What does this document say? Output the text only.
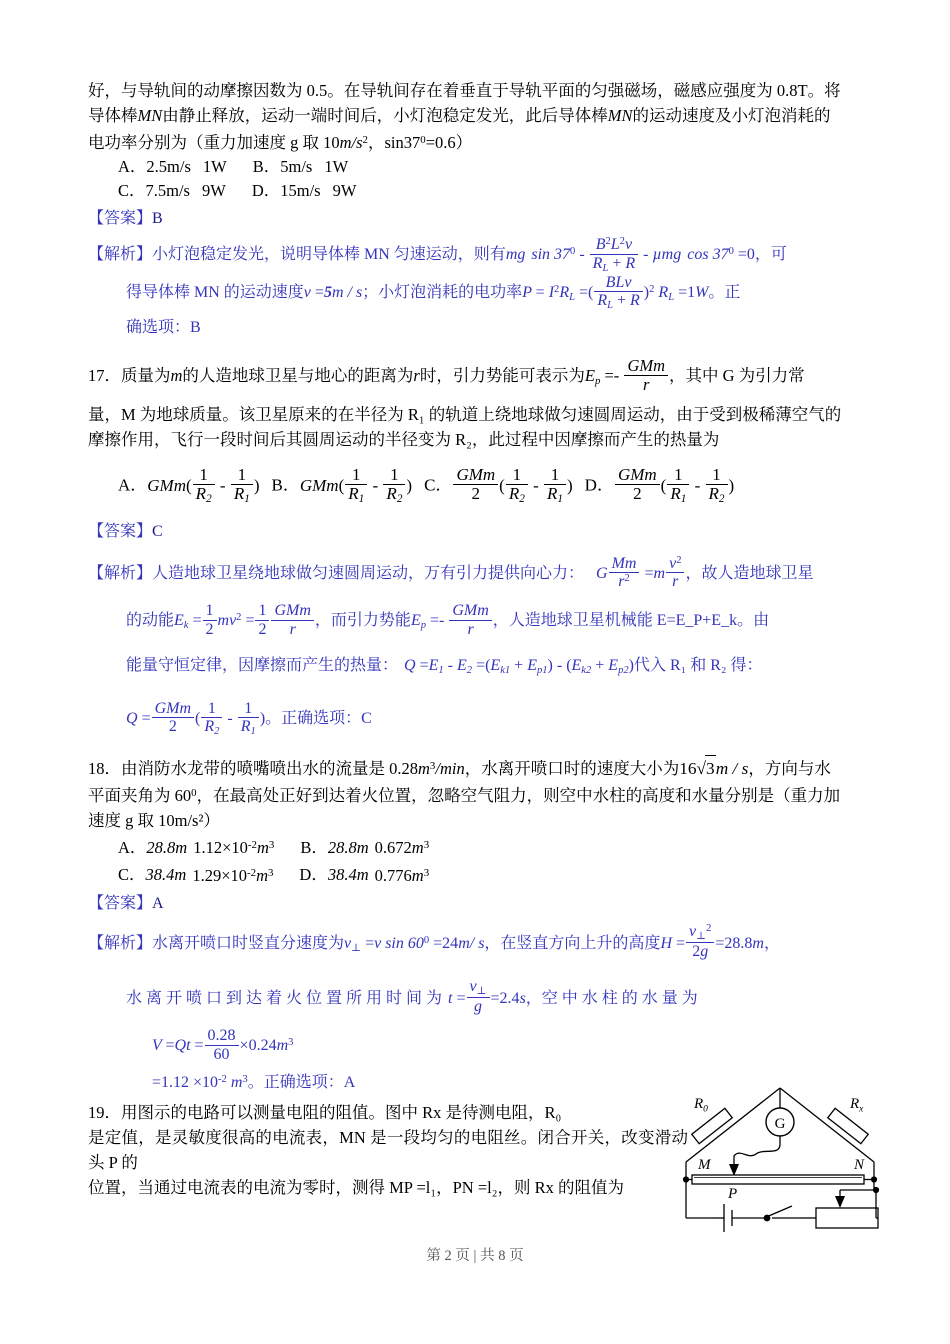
好，与导轨间的动摩擦因数为 0.5。在导轨间存在着垂直于导轨平面的匀强磁场，磁感应强度为 0.8T。将

导体棒MN由静止释放，运动一端时间后，小灯泡稳定发光，此后导体棒MN的运动速度及小灯泡消耗的

电功率分别为（重力加速度 g 取 $10m/s^2$，$\sin 37^0=0.6$）

A．2.5m/s 1W B．5m/s 1W

C．7.5m/s 9W D．15m/s 9W

【答案】B

【解析】小灯泡稳定发光，说明导体棒 MN 匀速运动，则有mg $\sin 37^0 - \frac{B^2L^2v}{R_L + R}$ - µmg $\cos 37^0 =0$，可

得导体棒 MN 的运动速度v =5m / s；小灯泡消耗的电功率$P = I^2R_L$ =(
BLv
$R_L + R$ )$^2$ $R_L =1W$。正

确选项：B

17．质量为m的人造地球卫星与地心的距离为r时，引力势能可表示为$E_p$ =-
GMm
r	，其中 G 为引力常

量，M 为地球质量。该卫星原来的在半径为 R₁ 的轨道上绕地球做匀速圆周运动，由于受到极稀薄空气的

摩擦作用，飞行一段时间后其圆周运动的半径变为 R₂，此过程中因摩擦而产生的热量为

A．$GMm( \frac{1}{R_2} - \frac{1}{R_1}$ ) B．$GMm( \frac{1}{R_1} - \frac{1}{R_2}$ ) C．
GMm
2	( $\frac{1}{R_2} - \frac{1}{R_1}$ ) D．
GMm
2	( $\frac{1}{R_1} - \frac{1}{R_2}$ )

【答案】C

【解析】人造地球卫星绕地球做匀速圆周运动，万有引力提供向心力： G $\frac{Mm}{r^2} =m \frac{v^2}{r}$ ，故人造地球卫星

的动能$E_k = \frac{1}{2} mv^2 = \frac{1}{2}$ GMm
r	，而引力势能$E_p$ =-
GMm
r	，人造地球卫星机械能 E=E_P+E_k。由

能量守恒定律，因摩擦而产生的热量： $Q =E_1 - E_2 =(E_{k1} + E_{p1}) - (E_{k2} + E_{p2})$代入 R₁ 和 R₂ 得：

Q =
GMm
2	( $\frac{1}{R_2} - \frac{1}{R_1}$ )。正确选项：C

18．由消防水龙带的喷嘴喷出水的流量是 $0.28m^3/\min$，水离开喷口时的速度大小为16√3m / s，方向与水

平面夹角为 $60^0$，在最高处正好到达着火位置，忽略空气阻力，则空中水柱的高度和水量分别是（重力加

速度 g 取 10m/s²）

A．28.8m $1.12\times 10^{-2}m^3$ B．28.8m $0.672m^3$

C．38.4m $1.29\times 10^{-2}m^3$ D．38.4m $0.776m^3$

【答案】A

【解析】水离开喷口时竖直分速度为$v_\perp =v$ $\sin 60^0 =24m/$ s，在竖直方向上升的高度$H = \frac{v_\perp^2}{2g} =28.8m$，

水 离 开 喷 口 到 达 着 火 位 置 所 用 时 间 为 $t = \frac{v_\perp}{g} =2.4s$，空 中 水 柱 的 水 量 为

$V =Qt = \frac{0.28}{60} \times 0.24m^3$

$=1.12 \times 10^{-2}$ $m^3$。正确选项：A

19．用图示的电路可以测量电阻的阻值。图中 Rx 是待测电阻，R₀

是定值，是灵敏度很高的电流表，MN 是一段均匀的电阻丝。闭合开关，改变滑动头 P 的

位置，当通过电流表的电流为零时，测得 MP =l₁，PN =l₂，则 Rx 的阻值为

$R_0$	$R_x$
G
M	N
P
第 2 页 | 共 8 页
